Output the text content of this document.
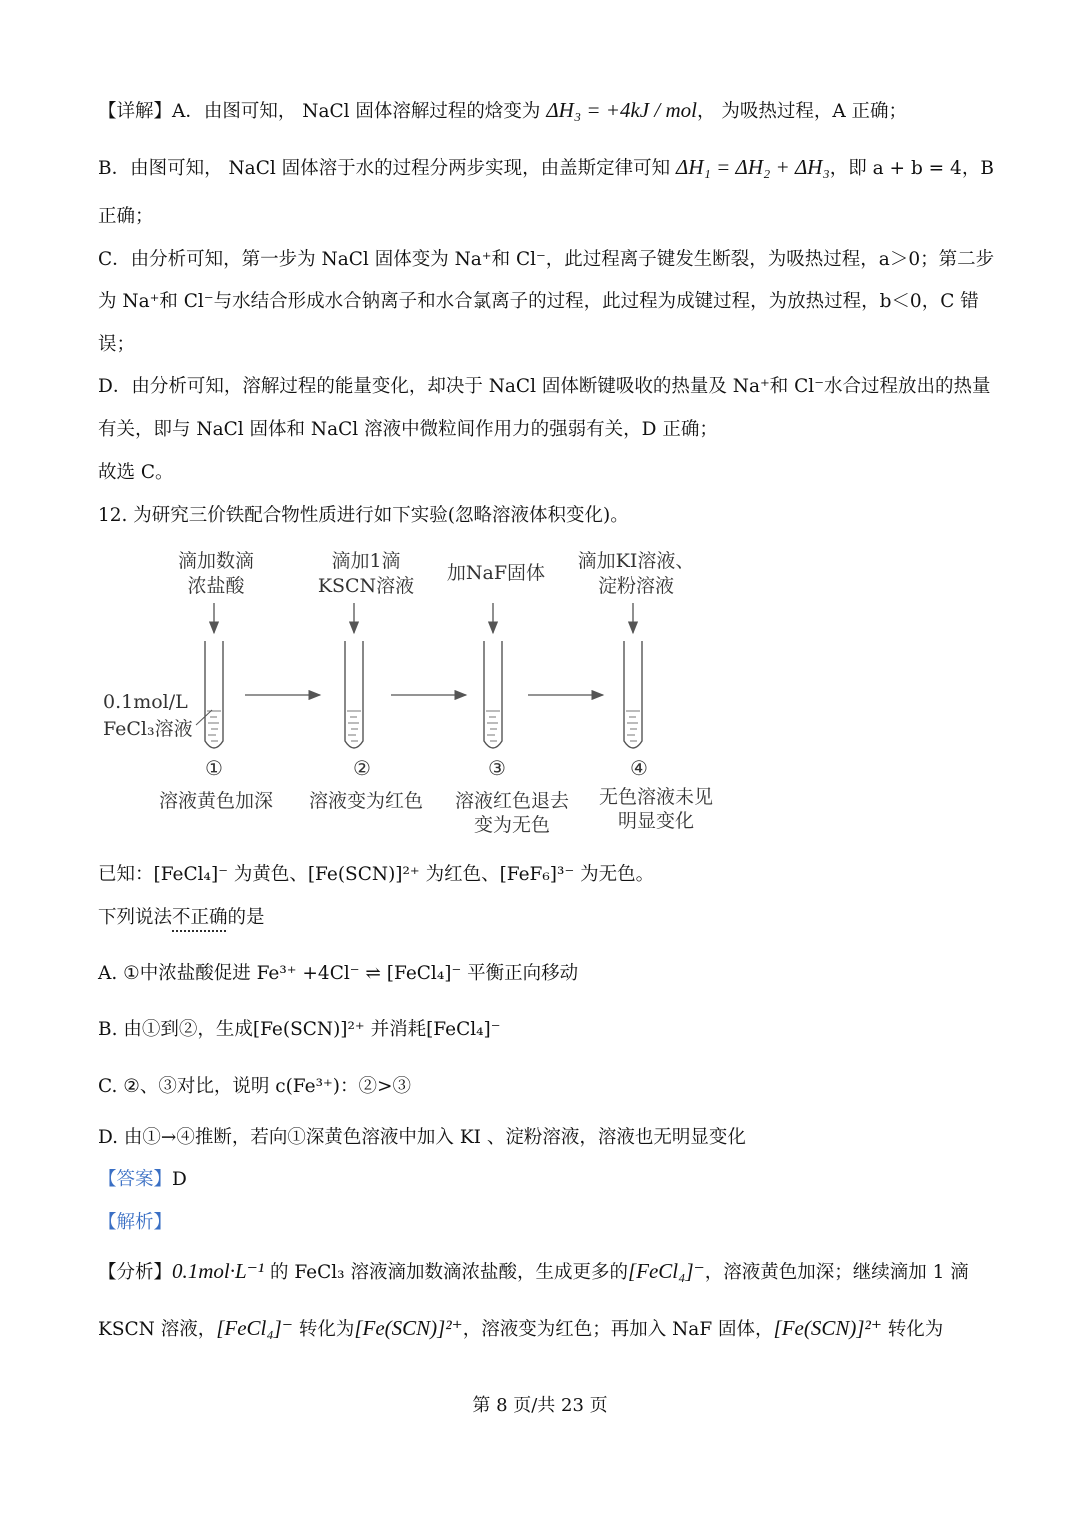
【详解】A．由图可知， NaCl 固体溶解过程的焓变为 ΔH₃ = +4kJ / mol， 为吸热过程，A 正确；
B．由图可知， NaCl 固体溶于水的过程分两步实现，由盖斯定律可知 ΔH₁ = ΔH₂ + ΔH₃，即 a + b = 4，B
正确；
C．由分析可知，第一步为 NaCl 固体变为 Na⁺和 Cl⁻，此过程离子键发生断裂，为吸热过程，a＞0；第二步
为 Na⁺和 Cl⁻与水结合形成水合钠离子和水合氯离子的过程，此过程为成键过程，为放热过程，b＜0，C 错
误；
D．由分析可知，溶解过程的能量变化，却决于 NaCl 固体断键吸收的热量及 Na⁺和 Cl⁻水合过程放出的热量
有关，即与 NaCl 固体和 NaCl 溶液中微粒间作用力的强弱有关，D 正确；
故选 C。
12. 为研究三价铁配合物性质进行如下实验(忽略溶液体积变化)。
滴加数滴
浓盐酸
滴加1滴
KSCN溶液
加NaF固体
滴加KI溶液、
淀粉溶液
0.1mol/L
FeCl₃溶液
①	②	③	④
溶液黄色加深 溶液变为红色 溶液红色退去
变为无色
无色溶液未见
明显变化
已知：[FeCl₄]⁻ 为黄色、[Fe(SCN)]²⁺ 为红色、[FeF₆]³⁻ 为无色。
下列说法不正确的是
A. ①中浓盐酸促进 Fe³⁺ +4Cl⁻ ⇌ [FeCl₄]⁻ 平衡正向移动
B. 由①到②，生成[Fe(SCN)]²⁺ 并消耗[FeCl₄]⁻
C. ②、③对比，说明 c(Fe³⁺)：②>③
D. 由①→④推断，若向①深黄色溶液中加入 KI 、淀粉溶液，溶液也无明显变化
【答案】D
【解析】
【分析】0.1mol·L⁻¹ 的 FeCl₃ 溶液滴加数滴浓盐酸，生成更多的[FeCl₄]⁻，溶液黄色加深；继续滴加 1 滴
KSCN 溶液，[FeCl₄]⁻ 转化为[Fe(SCN)]²⁺，溶液变为红色；再加入 NaF 固体，[Fe(SCN)]²⁺ 转化为
第 8 页/共 23 页
